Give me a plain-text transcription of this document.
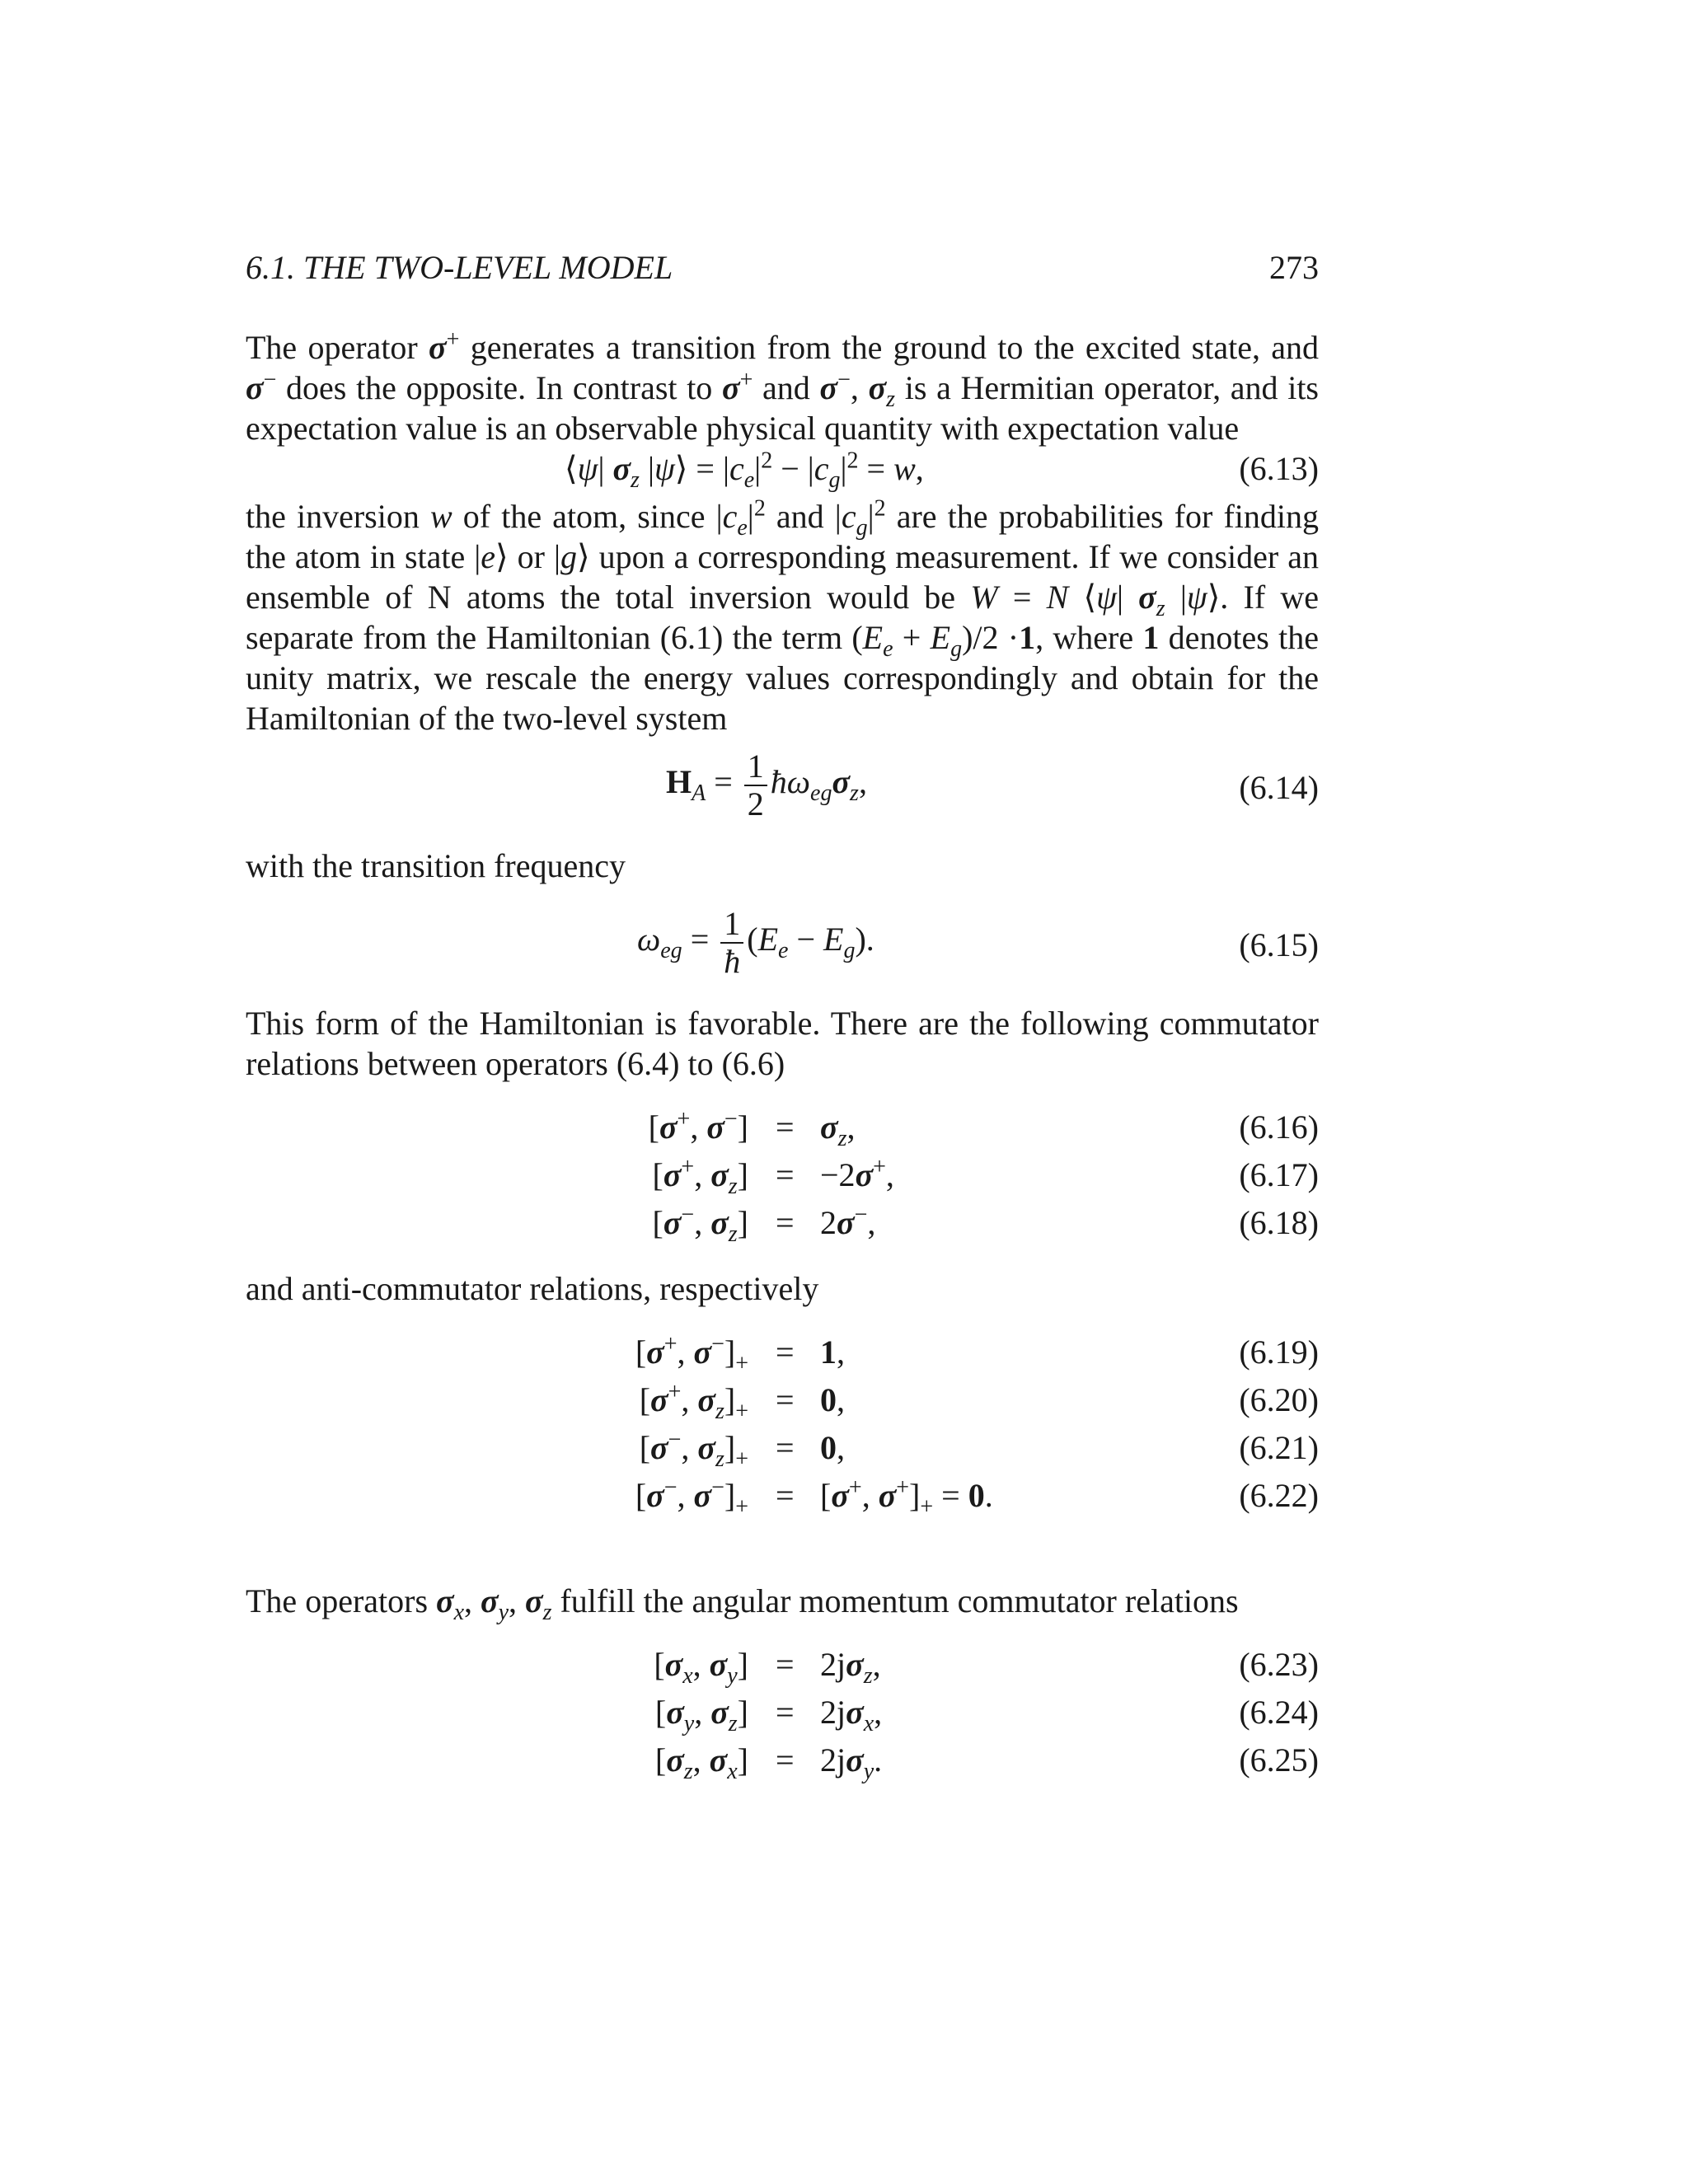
6.1. THE TWO-LEVEL MODEL	273

The operator σ+ generates a transition from the ground to the excited state, and σ− does the opposite. In contrast to σ+ and σ−, $\sigma_z$ is a Hermitian operator, and its expectation value is an observable physical quantity with expectation value

⟨ψ| $\sigma_z$ |ψ⟩ = $|c_e|^2 - |c_g|^2 = w$,	(6.13)

the inversion w of the atom, since $|c_e|^2$ and $|c_g|^2$ are the probabilities for finding the atom in state |e⟩ or |g⟩ upon a corresponding measurement. If we consider an ensemble of N atoms the total inversion would be W = N ⟨ψ| $\sigma_z$ |ψ⟩. If we separate from the Hamiltonian (6.1) the term $(E_e + E_g)/2 \cdot 1$, where 1 denotes the unity matrix, we rescale the energy values correspondingly and obtain for the Hamiltonian of the two-level system

$H_A = \frac{1}{2}$ $ħ\omega_{eg}\sigma_z$,	(6.14)

with the transition frequency

$\omega_{eg} = \frac{1}{ħ} (E_e - E_g)$.	(6.15)

This form of the Hamiltonian is favorable. There are the following commutator relations between operators (6.4) to (6.6)

[σ+, $\sigma^-] = \sigma_z$,	(6.16)
[σ+, $\sigma_z] = -2\sigma^+$,	(6.17)
[σ−, $\sigma_z] = 2\sigma^-$,	(6.18)

and anti-commutator relations, respectively

[σ+, $\sigma^-]_+ = 1$,	(6.19)
[σ+, $\sigma_z]_+ = 0$,	(6.20)
[σ−, $\sigma_z]_+ = 0$,	(6.21)
[σ−, $\sigma^-]_+ = [\sigma^+$, $\sigma^+]_+ = 0$.	(6.22)

The operators $\sigma_x$, $\sigma_y$, $\sigma_z$ fulfill the angular momentum commutator relations

[$\sigma_x$, $\sigma_y] = 2j\sigma_z$,	(6.23)
[$\sigma_y$, $\sigma_z] = 2j\sigma_x$,	(6.24)
[$\sigma_z$, $\sigma_x] = 2j\sigma_y$.	(6.25)
